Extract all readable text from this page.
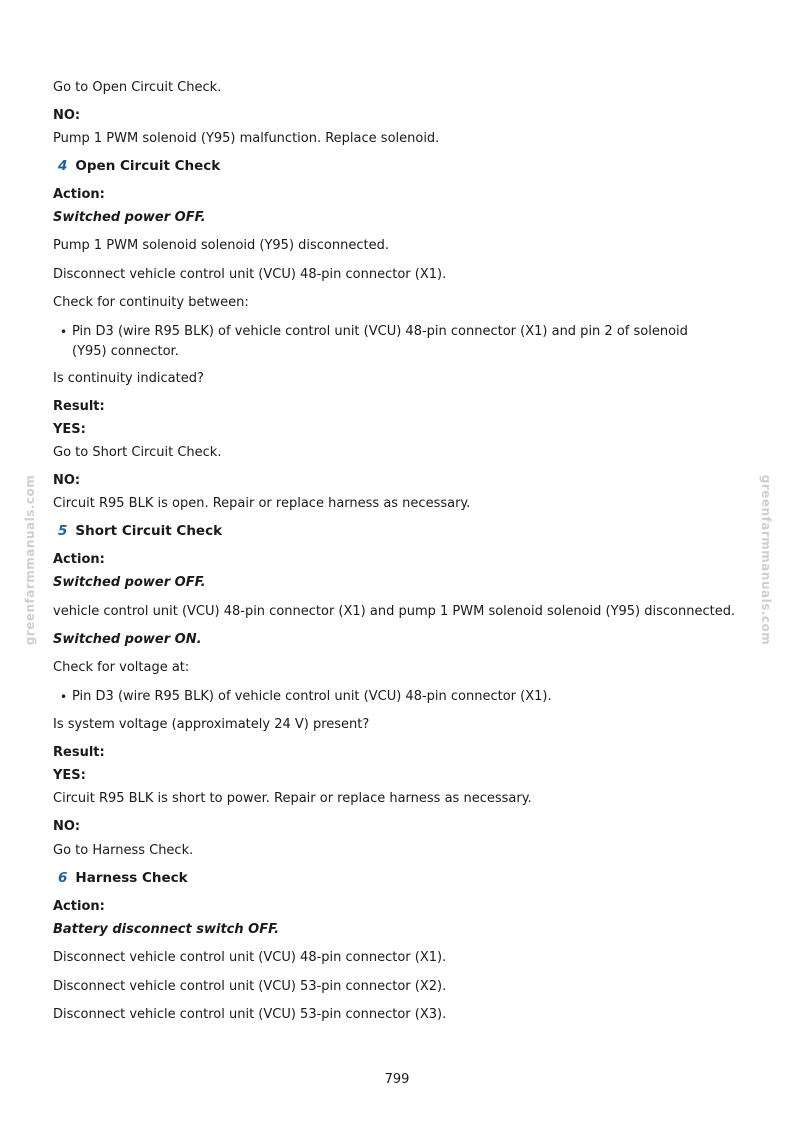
Go to Open Circuit Check.

NO:

Pump 1 PWM solenoid (Y95) malfunction. Replace solenoid.

4 Open Circuit Check

Action:

Switched power OFF.

Pump 1 PWM solenoid solenoid (Y95) disconnected.

Disconnect vehicle control unit (VCU) 48-pin connector (X1).

Check for continuity between:

• Pin D3 (wire R95 BLK) of vehicle control unit (VCU) 48-pin connector (X1) and pin 2 of solenoid (Y95) connector.

Is continuity indicated?

Result:

YES:

Go to Short Circuit Check.

NO:

Circuit R95 BLK is open. Repair or replace harness as necessary.

5 Short Circuit Check

Action:

Switched power OFF.

vehicle control unit (VCU) 48-pin connector (X1) and pump 1 PWM solenoid solenoid (Y95) disconnected.

Switched power ON.

Check for voltage at:

• Pin D3 (wire R95 BLK) of vehicle control unit (VCU) 48-pin connector (X1).

Is system voltage (approximately 24 V) present?

Result:

YES:

Circuit R95 BLK is short to power. Repair or replace harness as necessary.

NO:

Go to Harness Check.

6 Harness Check

Action:

Battery disconnect switch OFF.

Disconnect vehicle control unit (VCU) 48-pin connector (X1).

Disconnect vehicle control unit (VCU) 53-pin connector (X2).

Disconnect vehicle control unit (VCU) 53-pin connector (X3).

greenfarmmanuals.com	greenfarmmanuals.com

799
